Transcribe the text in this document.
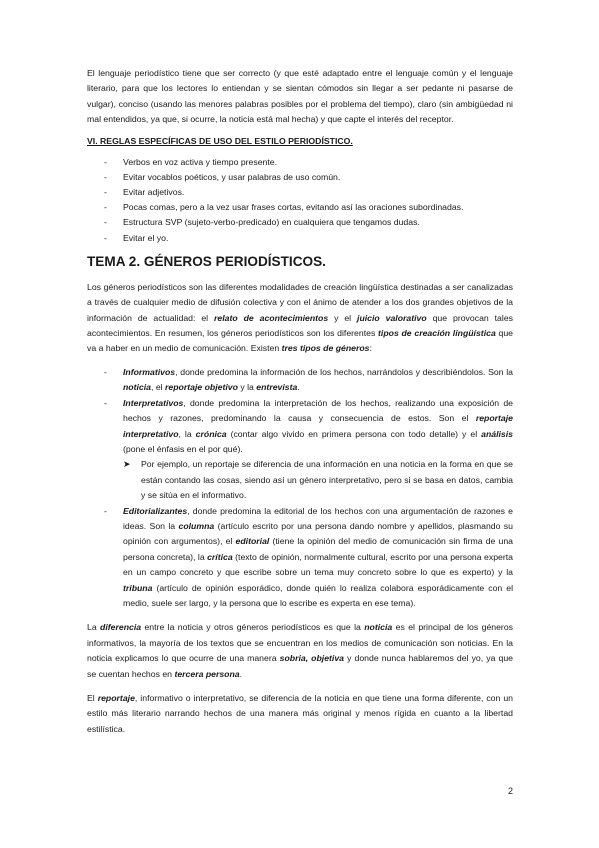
El lenguaje periodístico tiene que ser correcto (y que esté adaptado entre el lenguaje común y el lenguaje literario, para que los lectores lo entiendan y se sientan cómodos sin llegar a ser pedante ni pasarse de vulgar), conciso (usando las menores palabras posibles por el problema del tiempo), claro (sin ambigüedad ni mal entendidos, ya que, si ocurre, la noticia está mal hecha) y que capte el interés del receptor.

VI. REGLAS ESPECÍFICAS DE USO DEL ESTILO PERIODÍSTICO.
- Verbos en voz activa y tiempo presente.
- Evitar vocablos poéticos, y usar palabras de uso común.
- Evitar adjetivos.
- Pocas comas, pero a la vez usar frases cortas, evitando así las oraciones subordinadas.
- Estructura SVP (sujeto-verbo-predicado) en cualquiera que tengamos dudas.
- Evitar el yo.
TEMA 2. GÉNEROS PERIODÍSTICOS.

Los géneros periodísticos son las diferentes modalidades de creación lingüística destinadas a ser canalizadas a través de cualquier medio de difusión colectiva y con el ánimo de atender a los dos grandes objetivos de la información de actualidad: el relato de acontecimientos y el juicio valorativo que provocan tales acontecimientos. En resumen, los géneros periodísticos son los diferentes tipos de creación lingüística que va a haber en un medio de comunicación. Existen tres tipos de géneros:

- Informativos, donde predomina la información de los hechos, narrándolos y describiéndolos. Son la noticia, el reportaje objetivo y la entrevista.
- Interpretativos, donde predomina la interpretación de los hechos, realizando una exposición de hechos y razones, predominando la causa y consecuencia de estos. Son el reportaje interpretativo, la crónica (contar algo vivido en primera persona con todo detalle) y el análisis (pone el énfasis en el por qué).
➤ Por ejemplo, un reportaje se diferencia de una información en una noticia en la forma en que se están contando las cosas, siendo así un género interpretativo, pero si se basa en datos, cambia y se sitúa en el informativo.
- Editorializantes, donde predomina la editorial de los hechos con una argumentación de razones e ideas. Son la columna (artículo escrito por una persona dando nombre y apellidos, plasmando su opinión con argumentos), el editorial (tiene la opinión del medio de comunicación sin firma de una persona concreta), la crítica (texto de opinión, normalmente cultural, escrito por una persona experta en un campo concreto y que escribe sobre un tema muy concreto sobre lo que es experto) y la tribuna (artículo de opinión esporádico, donde quién lo realiza colabora esporádicamente con el medio, suele ser largo, y la persona que lo escribe es experta en ese tema).

La diferencia entre la noticia y otros géneros periodísticos es que la noticia es el principal de los géneros informativos, la mayoría de los textos que se encuentran en los medios de comunicación son noticias. En la noticia explicamos lo que ocurre de una manera sobria, objetiva y donde nunca hablaremos del yo, ya que se cuentan hechos en tercera persona.

El reportaje, informativo o interpretativo, se diferencia de la noticia en que tiene una forma diferente, con un estilo más literario narrando hechos de una manera más original y menos rígida en cuanto a la libertad estilística.

2
